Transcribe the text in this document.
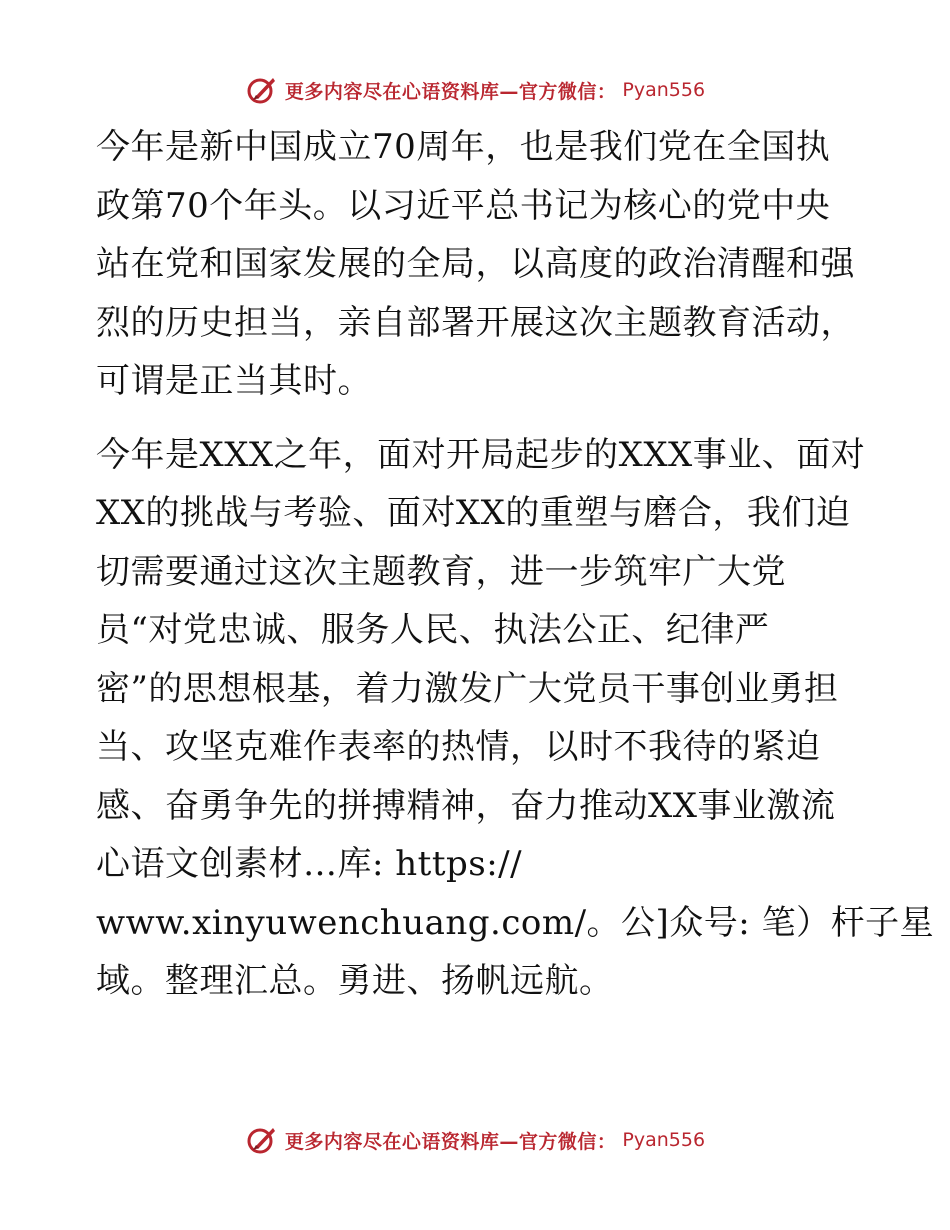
更多内容尽在心语资料库—官方微信： Pyan556

今年是新中国成立70周年，也是我们党在全国执
政第70个年头。以习近平总书记为核心的党中央
站在党和国家发展的全局，以高度的政治清醒和强
烈的历史担当，亲自部署开展这次主题教育活动，
可谓是正当其时。

今年是XXX之年，面对开局起步的XXX事业、面对
XX的挑战与考验、面对XX的重塑与磨合，我们迫
切需要通过这次主题教育，进一步筑牢广大党
员“对党忠诚、服务人民、执法公正、纪律严
密”的思想根基，着力激发广大党员干事创业勇担
当、攻坚克难作表率的热情，以时不我待的紧迫
感、奋勇争先的拼搏精神，奋力推动XX事业激流
心语文创素材…库: https://
www.xinyuwenchuang.com/。公]众号: 笔）杆子星
域。整理汇总。勇进、扬帆远航。

更多内容尽在心语资料库—官方微信： Pyan556
